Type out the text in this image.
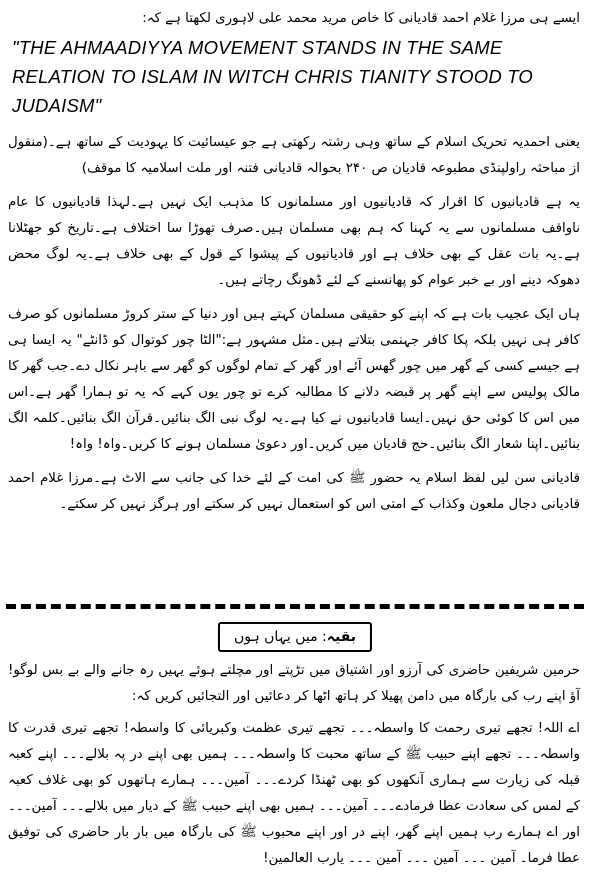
ایسے ہی مرزا غلام احمد قادیانی کا خاص مرید محمد علی لاہوری لکھتا ہے کہ:

"THE AHMAADIYYA MOVEMENT STANDS IN THE SAME RELATION TO ISLAM IN WITCH CHRIS TIANITY STOOD TO JUDAISM"

یعنی احمدیہ تحریک اسلام کے ساتھ وہی رشتہ رکھتی ہے جو عیسائیت کا یہودیت کے ساتھ ہے۔(منقول از مباحثہ راولپنڈی مطبوعہ قادیان ص ۲۴۰ بحوالہ قادیانی فتنہ اور ملت اسلامیہ کا موقف)

یہ ہے قادیانیوں کا اقرار کہ قادیانیوں اور مسلمانوں کا مذہب ایک نہیں ہے۔لہذا قادیانیوں کا عام ناواقف مسلمانوں سے یہ کہنا کہ ہم بھی مسلمان ہیں۔صرف تھوڑا سا اختلاف ہے۔تاریخ کو جھٹلانا ہے۔یہ بات عقل کے بھی خلاف ہے اور قادیانیوں کے پیشوا کے قول کے بھی خلاف ہے۔یہ لوگ محض دھوکہ دینے اور بے خبر عوام کو پھانسنے کے لئے ڈھونگ رچاتے ہیں۔

ہاں ایک عجیب بات ہے کہ اپنے کو حقیقی مسلمان کہتے ہیں اور دنیا کے ستر کروڑ مسلمانوں کو صرف کافر ہی نہیں بلکہ پکا کافر جہنمی بتلاتے ہیں۔مثل مشہور ہے:"الٹا چور کوتوال کو ڈانٹے" یہ ایسا ہی ہے جیسے کسی کے گھر میں چور گھس آئے اور گھر کے تمام لوگوں کو گھر سے باہر نکال دے۔جب گھر کا مالک پولیس سے اپنے گھر پر قبضہ دلانے کا مطالبہ کرے تو چور یوں کہے کہ یہ تو ہمارا گھر ہے۔اس میں اس کا کوئی حق نہیں۔ایسا قادیانیوں نے کیا ہے۔یہ لوگ نبی الگ بنائیں۔قرآن الگ بنائیں۔کلمہ الگ بنائیں۔اپنا شعار الگ بنائیں۔حج قادیان میں کریں۔اور دعویٰ مسلمان ہونے کا کریں۔واہ! واہ!

قادیانی سن لیں لفظ اسلام یہ حضور ﷺ کی امت کے لئے خدا کی جانب سے الاٹ ہے۔مرزا غلام احمد قادیانی دجال ملعون وکذاب کے امتی اس کو استعمال نہیں کر سکتے اور ہرگز نہیں کر سکتے۔

بقیہ: میں یہاں ہوں

حرمین شریفین حاضری کی آرزو اور اشتیاق میں تڑپتے اور مچلتے ہوئے یہیں رہ جانے والے بے بس لوگو! آؤ اپنے رب کی بارگاہ میں دامن پھیلا کر ہاتھ اٹھا کر دعائیں اور التجائیں کریں کہ:

اے اللہ! تجھے تیری رحمت کا واسطہ۔۔۔ تجھے تیری عظمت وکبریائی کا واسطہ! تجھے تیری قدرت کا واسطہ۔۔۔ تجھے اپنے حبیب ﷺ کے ساتھ محبت کا واسطہ۔۔۔ ہمیں بھی اپنے در پہ بلالے۔۔۔ اپنے کعبہ قبلہ کی زیارت سے ہماری آنکھوں کو بھی ٹھنڈا کردے۔۔۔ آمین۔۔۔ ہمارے ہاتھوں کو بھی غلاف کعبہ کے لمس کی سعادت عطا فرمادے۔۔۔ آمین۔۔۔ ہمیں بھی اپنے حبیب ﷺ کے دیار میں بلالے۔۔۔ آمین۔۔۔ اور اے ہمارے رب ہمیں اپنے گھر، اپنے در اور اپنے محبوب ﷺ کی بارگاہ میں بار بار حاضری کی توفیق عطا فرما۔ آمین ۔۔۔ آمین ۔۔۔ آمین ۔۔۔ یارب العالمین!
